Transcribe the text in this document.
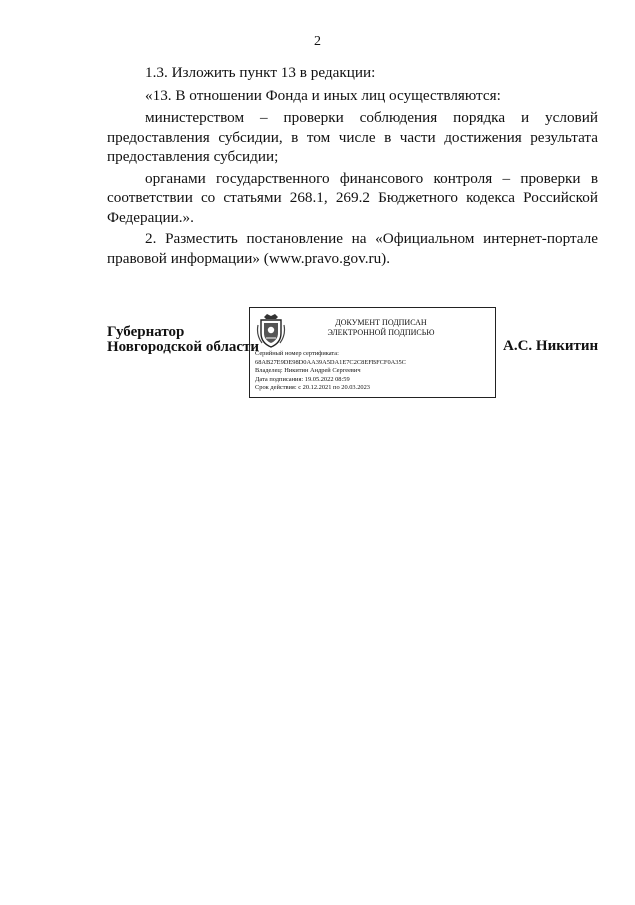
2

1.3. Изложить пункт 13 в редакции:

«13. В отношении Фонда и иных лиц осуществляются:

министерством – проверки соблюдения порядка и условий предоставления субсидии, в том числе в части достижения результата предоставления субсидии;

органами государственного финансового контроля – проверки в соответствии со статьями 268.1, 269.2 Бюджетного кодекса Российской Федерации.».

2. Разместить постановление на «Официальном интернет-портале правовой информации» (www.pravo.gov.ru).

Губернатор
Новгородской области
ДОКУМЕНТ ПОДПИСАН
ЭЛЕКТРОННОЙ ПОДПИСЬЮ
Серийный номер сертификата:
68AB27E9DE98D0AA39A5DA1E7C2C8EFBFCF0A35C
Владелец: Никитин Андрей Сергеевич
Дата подписания: 19.05.2022 08:59
Срок действия: с 20.12.2021 по 20.03.2023
А.С. Никитин
